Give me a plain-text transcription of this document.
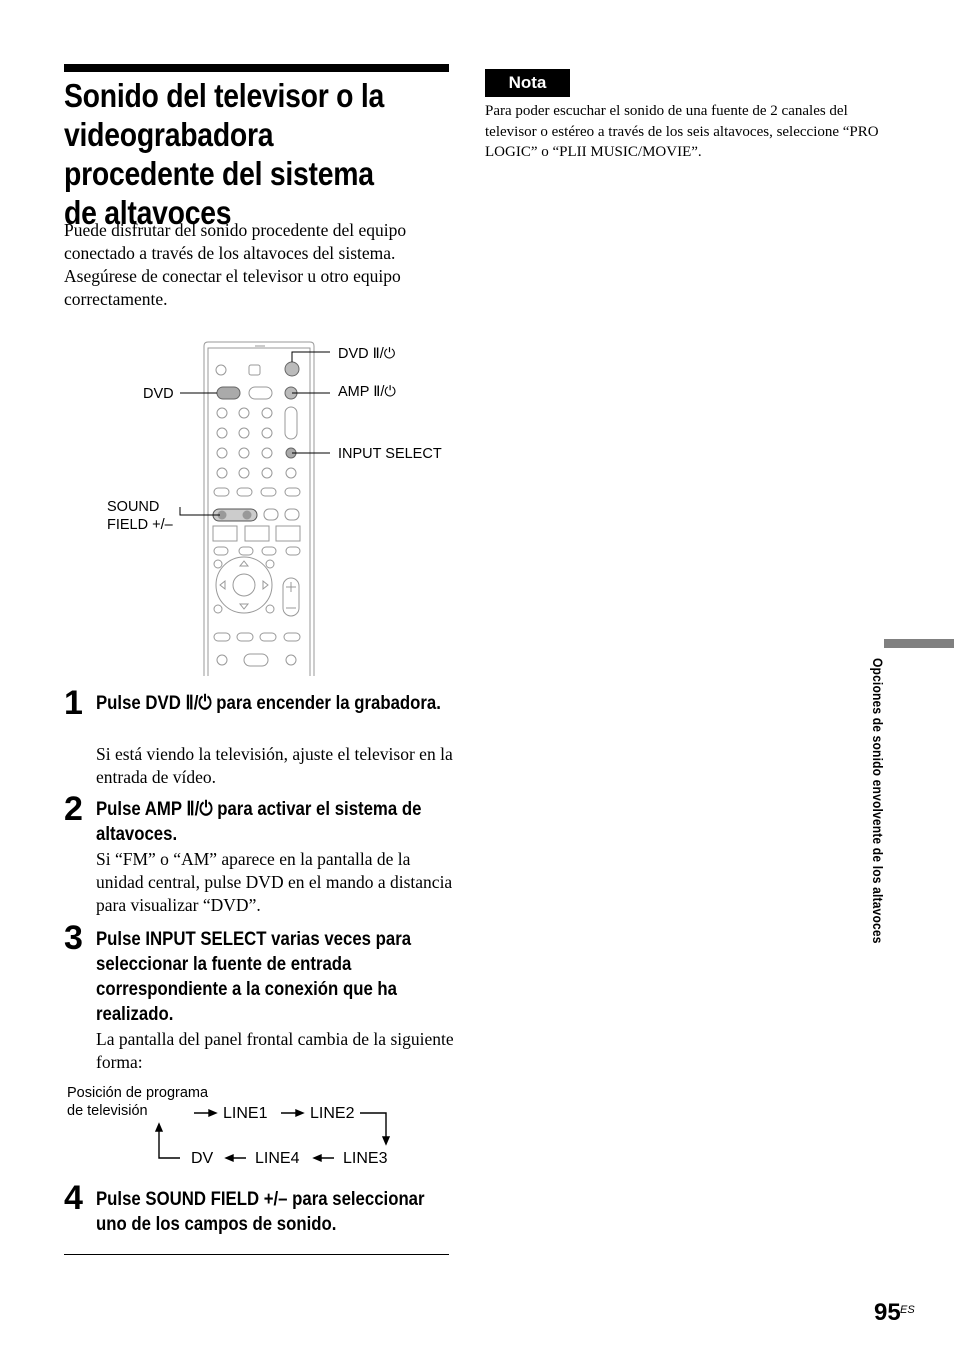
Sonido del televisor o la videograbadora procedente del sistema de altavoces
Puede disfrutar del sonido procedente del equipo conectado a través de los altavoces del sistema. Asegúrese de conectar el televisor u otro equipo correctamente.
Nota
Para poder escuchar el sonido de una fuente de 2 canales del televisor o estéreo a través de los seis altavoces, seleccione “PRO LOGIC” o “PLII MUSIC/MOVIE”.
DVD Ⅱ/⏻
DVD	AMP Ⅱ/⏻
INPUT SELECT
SOUND
FIELD +/–
1 Pulse DVD Ⅱ/⏻ para encender la grabadora.
Si está viendo la televisión, ajuste el televisor en la entrada de vídeo.
2 Pulse AMP Ⅱ/⏻ para activar el sistema de altavoces.
Si “FM” o “AM” aparece en la pantalla de la unidad central, pulse DVD en el mando a distancia para visualizar “DVD”.
3 Pulse INPUT SELECT varias veces para seleccionar la fuente de entrada correspondiente a la conexión que ha realizado.
La pantalla del panel frontal cambia de la siguiente forma:
Posición de programa
de televisión	LINE1	LINE2
LINE3
LINE4
DV
4 Pulse SOUND FIELD +/– para seleccionar uno de los campos de sonido.
Opciones de sonido envolvente de los altavoces
95 ES
